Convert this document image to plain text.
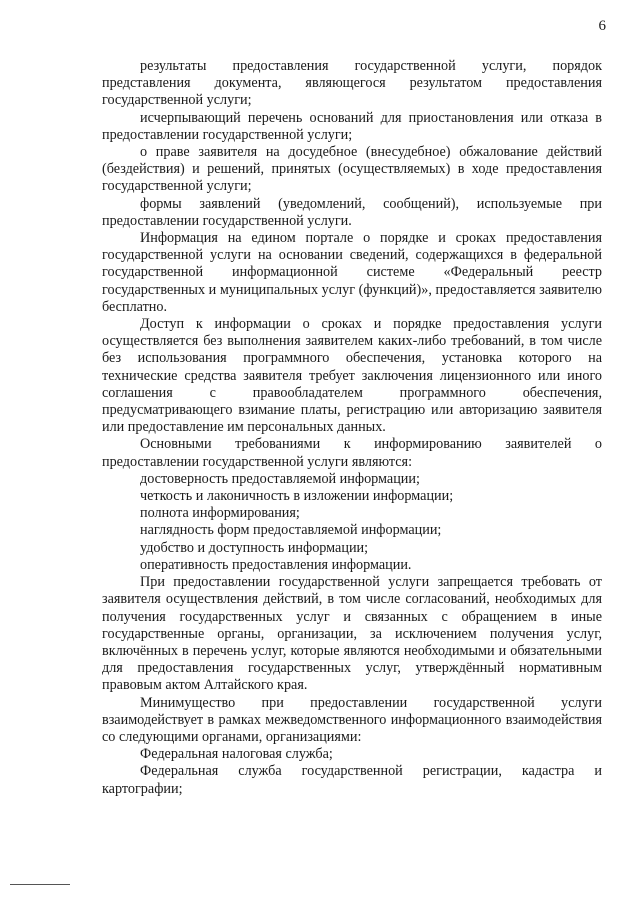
6

результаты предоставления государственной услуги, порядок представления документа, являющегося результатом предоставления государственной услуги;

исчерпывающий перечень оснований для приостановления или отказа в предоставлении государственной услуги;

о праве заявителя на досудебное (внесудебное) обжалование действий (бездействия) и решений, принятых (осуществляемых) в ходе предоставления государственной услуги;

формы заявлений (уведомлений, сообщений), используемые при предоставлении государственной услуги.

Информация на едином портале о порядке и сроках предоставления государственной услуги на основании сведений, содержащихся в федеральной государственной информационной системе «Федеральный реестр государственных и муниципальных услуг (функций)», предоставляется заявителю бесплатно.

Доступ к информации о сроках и порядке предоставления услуги осуществляется без выполнения заявителем каких-либо требований, в том числе без использования программного обеспечения, установка которого на технические средства заявителя требует заключения лицензионного или иного соглашения с правообладателем программного обеспечения, предусматривающего взимание платы, регистрацию или авторизацию заявителя или предоставление им персональных данных.

Основными требованиями к информированию заявителей о предоставлении государственной услуги являются:

достоверность предоставляемой информации;

четкость и лаконичность в изложении информации;

полнота информирования;

наглядность форм предоставляемой информации;

удобство и доступность информации;

оперативность предоставления информации.

При предоставлении государственной услуги запрещается требовать от заявителя осуществления действий, в том числе согласований, необходимых для получения государственных услуг и связанных с обращением в иные государственные органы, организации, за исключением получения услуг, включённых в перечень услуг, которые являются необходимыми и обязательными для предоставления государственных услуг, утверждённый нормативным правовым актом Алтайского края.

Минимущество при предоставлении государственной услуги взаимодействует в рамках межведомственного информационного взаимодействия со следующими органами, организациями:

Федеральная налоговая служба;

Федеральная служба государственной регистрации, кадастра и картографии;
